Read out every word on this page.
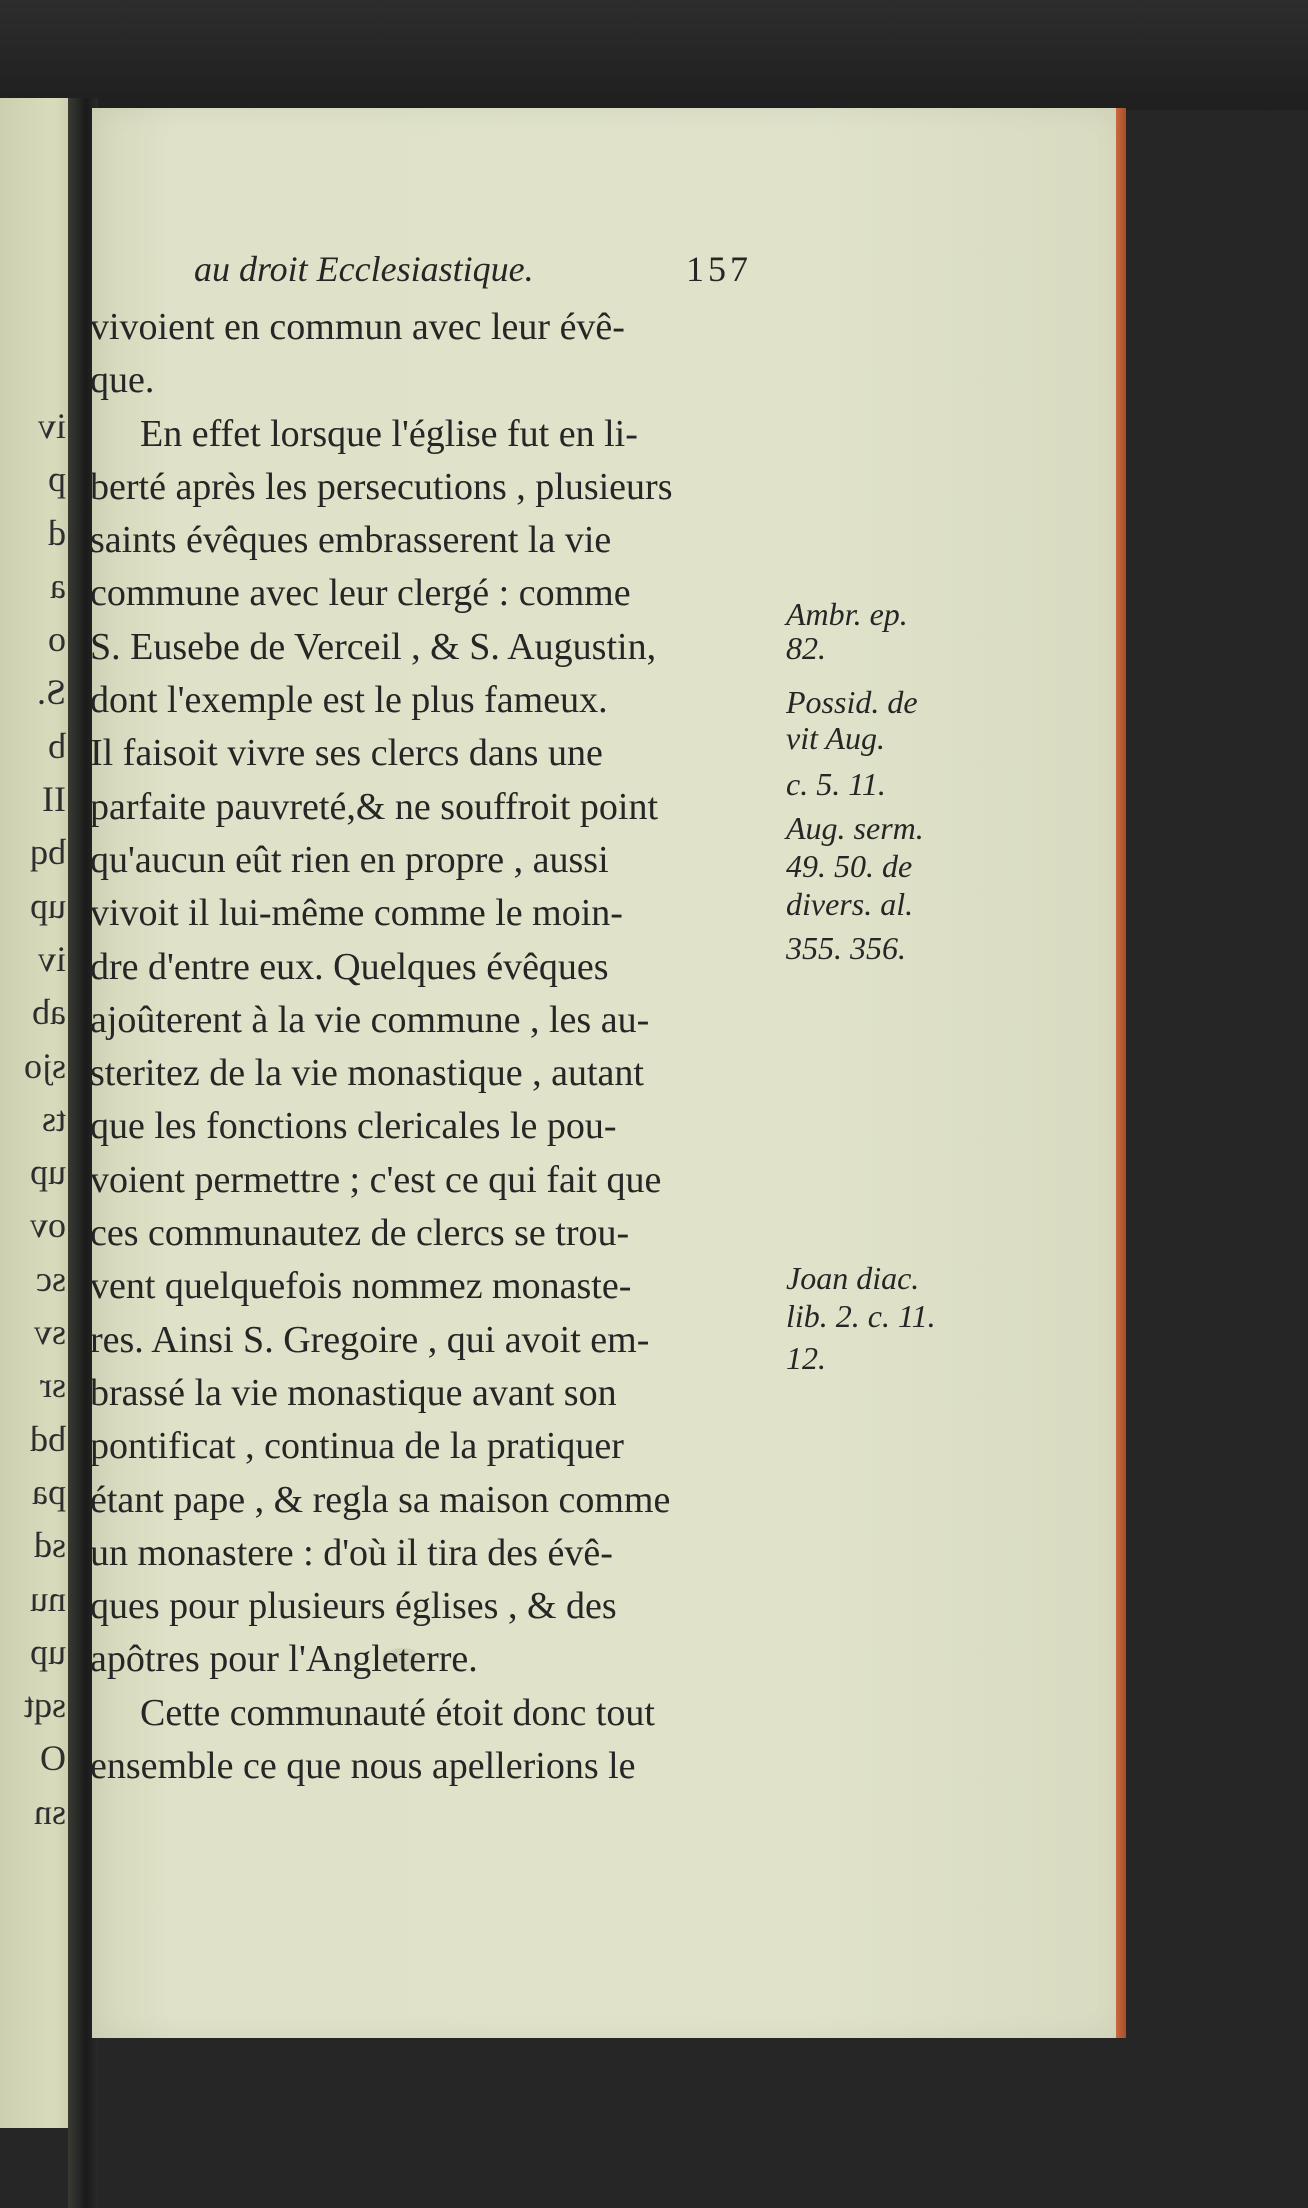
iv
p
d
a
o
S.
b
II
bq
up
iv
ab
sjo
ts
up
ov
sc
sv
sr
bd
pa
sd
nu
up
sqt
O
sn
au droit Ecclesiastique.	157
vivoient en commun avec leur évê-
que.
En effet lorsque l'église fut en li-
berté après les persecutions , plusieurs
saints évêques embrasserent la vie
commune avec leur clergé : comme
S. Eusebe de Verceil , & S. Augustin,
dont l'exemple est le plus fameux.
Il faisoit vivre ses clercs dans une
parfaite pauvreté,& ne souffroit point
qu'aucun eût rien en propre , aussi
vivoit il lui-même comme le moin-
dre d'entre eux. Quelques évêques
ajoûterent à la vie commune , les au-
steritez de la vie monastique , autant
que les fonctions clericales le pou-
voient permettre ; c'est ce qui fait que
ces communautez de clercs se trou-
vent quelquefois nommez monaste-
res. Ainsi S. Gregoire , qui avoit em-
brassé la vie monastique avant son
pontificat , continua de la pratiquer
étant pape , & regla sa maison comme
un monastere : d'où il tira des évê-
ques pour plusieurs églises , & des
apôtres pour l'Angleterre.
Cette communauté étoit donc tout
ensemble ce que nous apellerions le
Ambr. ep.
82.
Possid. de
vit Aug.
c. 5. 11.
Aug. serm.
49. 50. de
divers. al.
355. 356.
Joan diac.
lib. 2. c. 11.
12.
